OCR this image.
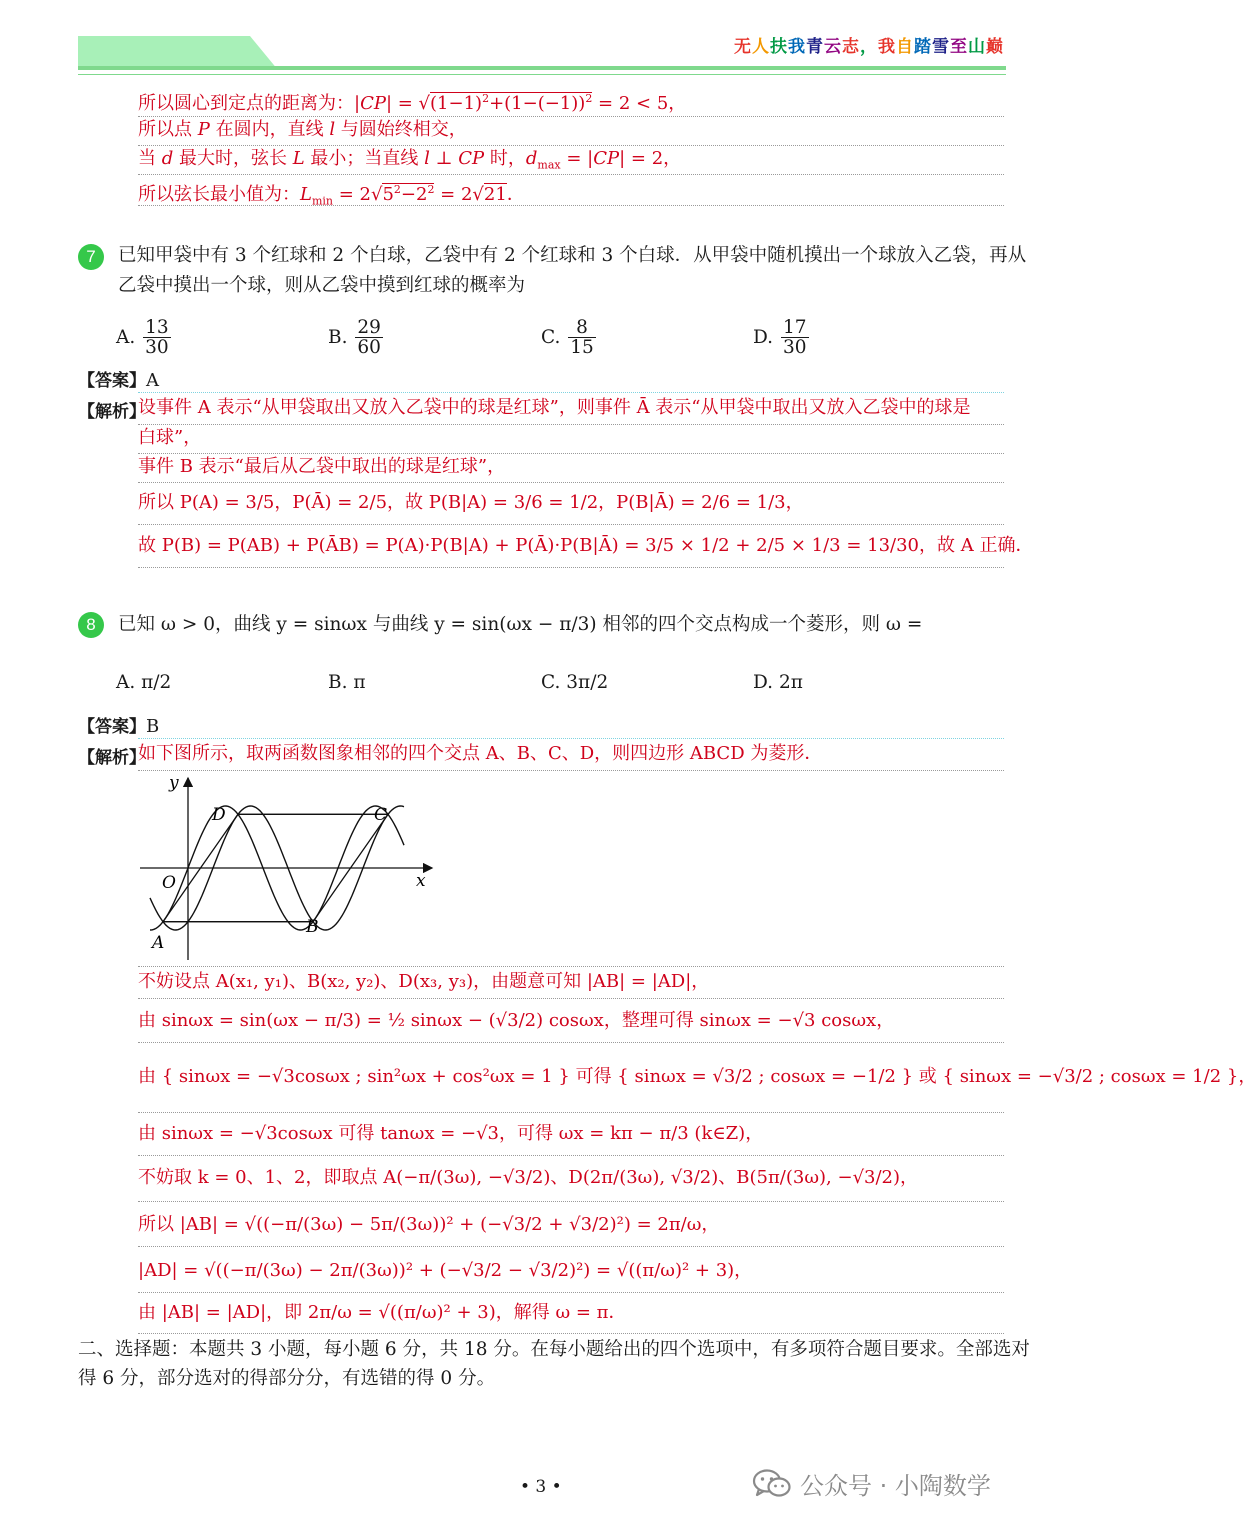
无人扶我青云志，我自踏雪至山巅
所以圆心到定点的距离为：$|CP| = √(1-1)^2+(1-(-1))^2 = 2 < 5$，
所以点 P 在圆内，直线 l 与圆始终相交，
当 d 最大时，弦长 L 最小；当直线 l ⊥ CP 时，$d_{max} = |CP| = 2$，
所以弦长最小值为：$L_{min} = 2√5^2-2^2 = 2√21$．
7	已知甲袋中有 3 个红球和 2 个白球，乙袋中有 2 个红球和 3 个白球．从甲袋中随机摸出一个球放入乙袋，再从
乙袋中摸出一个球，则从乙袋中摸到红球的概率为
A. $\frac{13}{30}$	B. $\frac{29}{60}$	C. $\frac{8}{15}$	D. $\frac{17}{30}$
【答案】A
【解析】
设事件 A 表示“从甲袋取出又放入乙袋中的球是红球”，则事件 Ā 表示“从甲袋中取出又放入乙袋中的球是
白球”，
事件 B 表示“最后从乙袋中取出的球是红球”，
所以 P(A) = 3/5，P(Ā) = 2/5，故 P(B|A) = 3/6 = 1/2，P(B|Ā) = 2/6 = 1/3，
故 P(B) = P(AB) + P(ĀB) = P(A)·P(B|A) + P(Ā)·P(B|Ā) = 3/5 × 1/2 + 2/5 × 1/3 = 13/30，故 A 正确．
8	已知 ω > 0，曲线 y = sinωx 与曲线 y = sin(ωx − π/3) 相邻的四个交点构成一个菱形，则 ω =
A. π/2	B. π	C. 3π/2	D. 2π
【答案】B
【解析】
如下图所示，取两函数图象相邻的四个交点 A、B、C、D，则四边形 ABCD 为菱形．
y
x
O
D	C
B
A
不妨设点 A(x₁, y₁)、B(x₂, y₂)、D(x₃, y₃)，由题意可知 |AB| = |AD|，
由 sinωx = sin(ωx − π/3) = ½ sinωx − (√3/2) cosωx，整理可得 sinωx = −√3 cosωx，
由 { sinωx = −√3cosωx ; sin²ωx + cos²ωx = 1 } 可得 { sinωx = √3/2 ; cosωx = −1/2 } 或 { sinωx = −√3/2 ; cosωx = 1/2 }，
由 sinωx = −√3cosωx 可得 tanωx = −√3，可得 ωx = kπ − π/3 (k∈Z)，
不妨取 k = 0、1、2，即取点 A(−π/(3ω), −√3/2)、D(2π/(3ω), √3/2)、B(5π/(3ω), −√3/2)，
所以 |AB| = √((−π/(3ω) − 5π/(3ω))² + (−√3/2 + √3/2)²) = 2π/ω，
|AD| = √((−π/(3ω) − 2π/(3ω))² + (−√3/2 − √3/2)²) = √((π/ω)² + 3)，
由 |AB| = |AD|，即 2π/ω = √((π/ω)² + 3)，解得 ω = π．
二、选择题：本题共 3 小题，每小题 6 分，共 18 分。在每小题给出的四个选项中，有多项符合题目要求。全部选对
得 6 分，部分选对的得部分分，有选错的得 0 分。
• 3 •	公众号 · 小陶数学
